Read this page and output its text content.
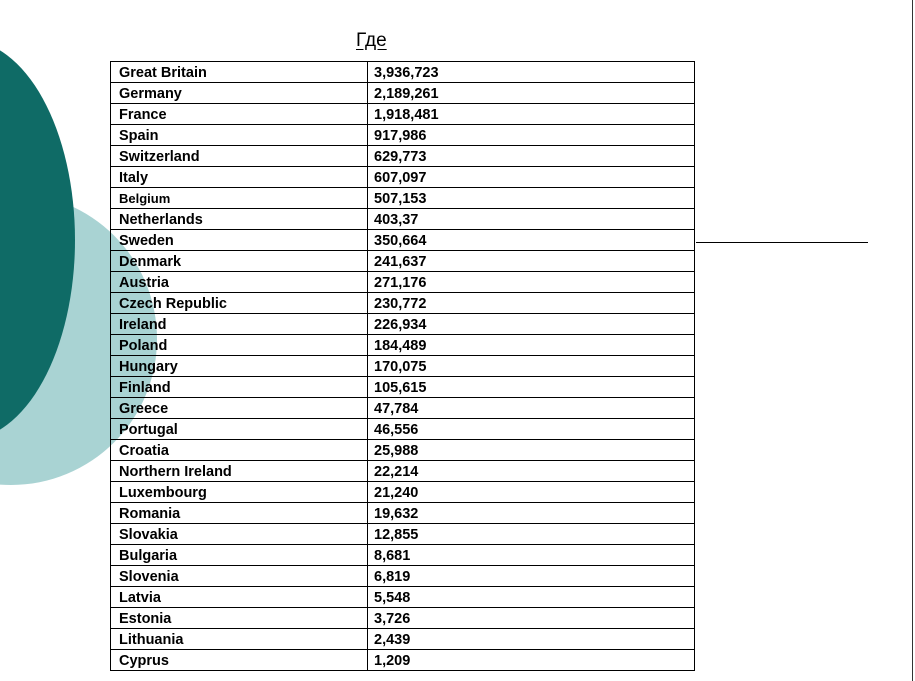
Где
Great Britain	3,936,723
Germany	2,189,261
France	1,918,481
Spain	917,986
Switzerland	629,773
Italy	607,097
Belgium	507,153
Netherlands	403,37
Sweden	350,664
Denmark	241,637
Austria	271,176
Czech Republic	230,772
Ireland	226,934
Poland	184,489
Hungary	170,075
Finland	105,615
Greece	47,784
Portugal	46,556
Croatia	25,988
Northern Ireland	22,214
Luxembourg	21,240
Romania	19,632
Slovakia	12,855
Bulgaria	8,681
Slovenia	6,819
Latvia	5,548
Estonia	3,726
Lithuania	2,439
Cyprus	1,209
